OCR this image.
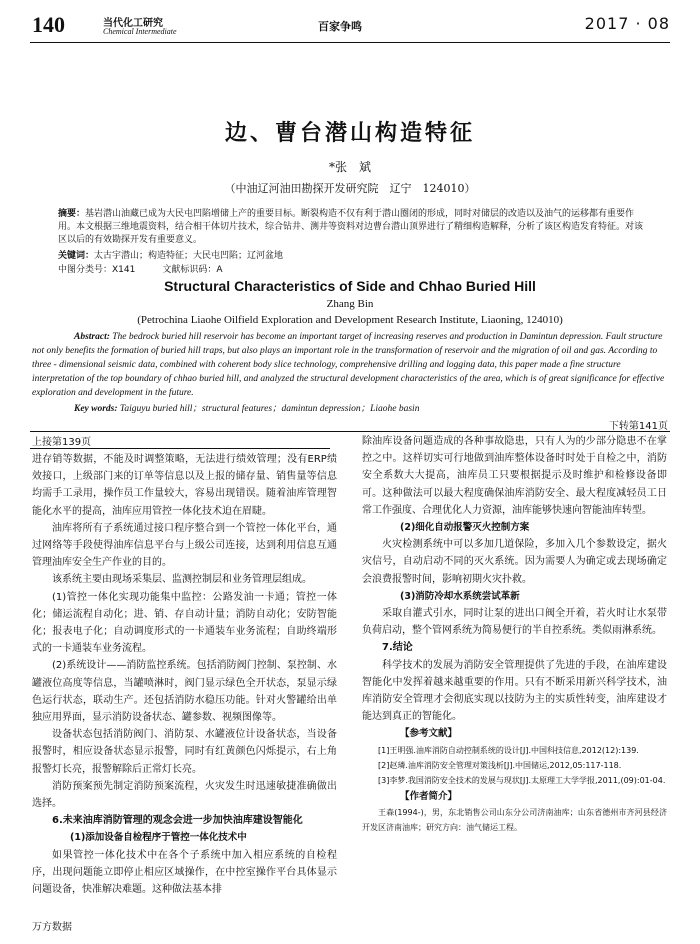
140	当代化工研究
Chemical Intermediate	百家争鸣	2017 · 08
边、曹台潜山构造特征
*张　斌
（中油辽河油田勘探开发研究院　辽宁　124010）
摘要：基岩潜山油藏已成为大民屯凹陷增储上产的重要目标。断裂构造不仅有利于潜山圈闭的形成，同时对储层的改造以及油气的运移都有重要作用。本文根据三维地震资料，结合相干体切片技术，综合钻井、测井等资料对边曹台潜山顶界进行了精细构造解释，分析了该区构造发育特征。对该区以后的有效勘探开发有重要意义。
关键词：太古宇潜山；构造特征；大民屯凹陷；辽河盆地
中图分类号：X141　　　文献标识码：A
Structural Characteristics of Side and Chhao Buried Hill
Zhang Bin
(Petrochina Liaohe Oilfield Exploration and Development Research Institute, Liaoning, 124010)
Abstract: The bedrock buried hill reservoir has become an important target of increasing reserves and production in Damintun depression. Fault structure not only benefits the formation of buried hill traps, but also plays an important role in the transformation of reservoir and the migration of oil and gas. According to three - dimensional seismic data, combined with coherent body slice technology, comprehensive drilling and logging data, this paper made a fine structure interpretation of the top boundary of chhao buried hill, and analyzed the structural development characteristics of the area, which is of great significance for effective exploration and development in the future.
Key words: Taiguyu buried hill；structural features；damintun depression；Liaohe basin
下转第141页
上接第139页

进存销等数据，不能及时调整策略，无法进行绩效管理；没有ERP绩效接口，上级部门来的订单等信息以及上报的储存量、销售量等信息均需手工录用，操作员工作量较大，容易出现错误。随着油库管理智能化水平的提高，油库应用管控一体化技术迫在眉睫。

油库将所有子系统通过接口程序整合到一个管控一体化平台，通过网络等手段使得油库信息平台与上级公司连接，达到利用信息互通管理油库安全生产作业的目的。

该系统主要由现场采集层、监测控制层和业务管理层组成。

(1)管控一体化实现功能集中监控：公路发油一卡通；管控一体化；储运流程自动化；进、销、存自动计量；消防自动化；安防智能化；报表电子化；自动调度形式的一卡通装车业务流程；自助终端形式的一卡通装车业务流程。

(2)系统设计——消防监控系统。包括消防阀门控制、泵控制、水罐液位高度等信息，当罐喷淋时，阀门显示绿色全开状态，泵显示绿色运行状态，联动生产。还包括消防水稳压功能。针对火警罐给出单独应用界面，显示消防设备状态、罐参数、视频图像等。

设备状态包括消防阀门、消防泵、水罐液位计设备状态，当设备报警时，相应设备状态显示报警，同时有红黄颜色闪烁提示，右上角报警灯长亮，报警解除后正常灯长亮。

消防预案预先制定消防预案流程，火灾发生时迅速敏捷准确做出选择。

6.未来油库消防管理的观念会进一步加快油库建设智能化

(1)添加设备自检程序于管控一体化技术中

如果管控一体化技术中在各个子系统中加入相应系统的自检程序，出现问题能立即停止相应区域操作，在中控室操作平台具体显示问题设备，快准解决难题。这种做法基本排

除油库设备问题造成的各种事故隐患，只有人为的少部分隐患不在掌控之中。这样切实可行地做到油库整体设备时时处于自检之中，消防安全系数大大提高，油库员工只要根据提示及时维护和检修设备即可。这种做法可以最大程度确保油库消防安全、最大程度减轻员工日常工作强度、合理优化人力资源，油库能够快速向智能油库转型。

(2)细化自动报警灭火控制方案

火灾检测系统中可以多加几道保险，多加入几个参数设定，据火灾信号，自动启动不同的灭火系统。因为需要人为确定或去现场确定会浪费报警时间，影响初期火灾扑救。

(3)消防冷却水系统尝试革新

采取自灌式引水，同时让泵的进出口阀全开着，若火时让水泵带负荷启动，整个管网系统为简易便行的半自控系统。类似雨淋系统。

7.结论

科学技术的发展为消防安全管理提供了先进的手段，在油库建设智能化中发挥着越来越重要的作用。只有不断采用新兴科学技术，油库消防安全管理才会彻底实现以技防为主的实质性转变，油库建设才能达到真正的智能化。

【参考文献】

[1]王明强.油库消防自动控制系统的设计[J].中国科技信息,2012(12):139.

[2]赵璘.油库消防安全管理对策浅析[J].中国储运,2012,05:117-118.

[3]李梦.我国消防安全技术的发展与现状[J].太原理工大学学报,2011,(09):01-04.

【作者简介】

王森(1994-)，男，东北销售公司山东分公司济南油库；山东省德州市齐河县经济开发区济南油库；研究方向：油气储运工程。

万方数据
